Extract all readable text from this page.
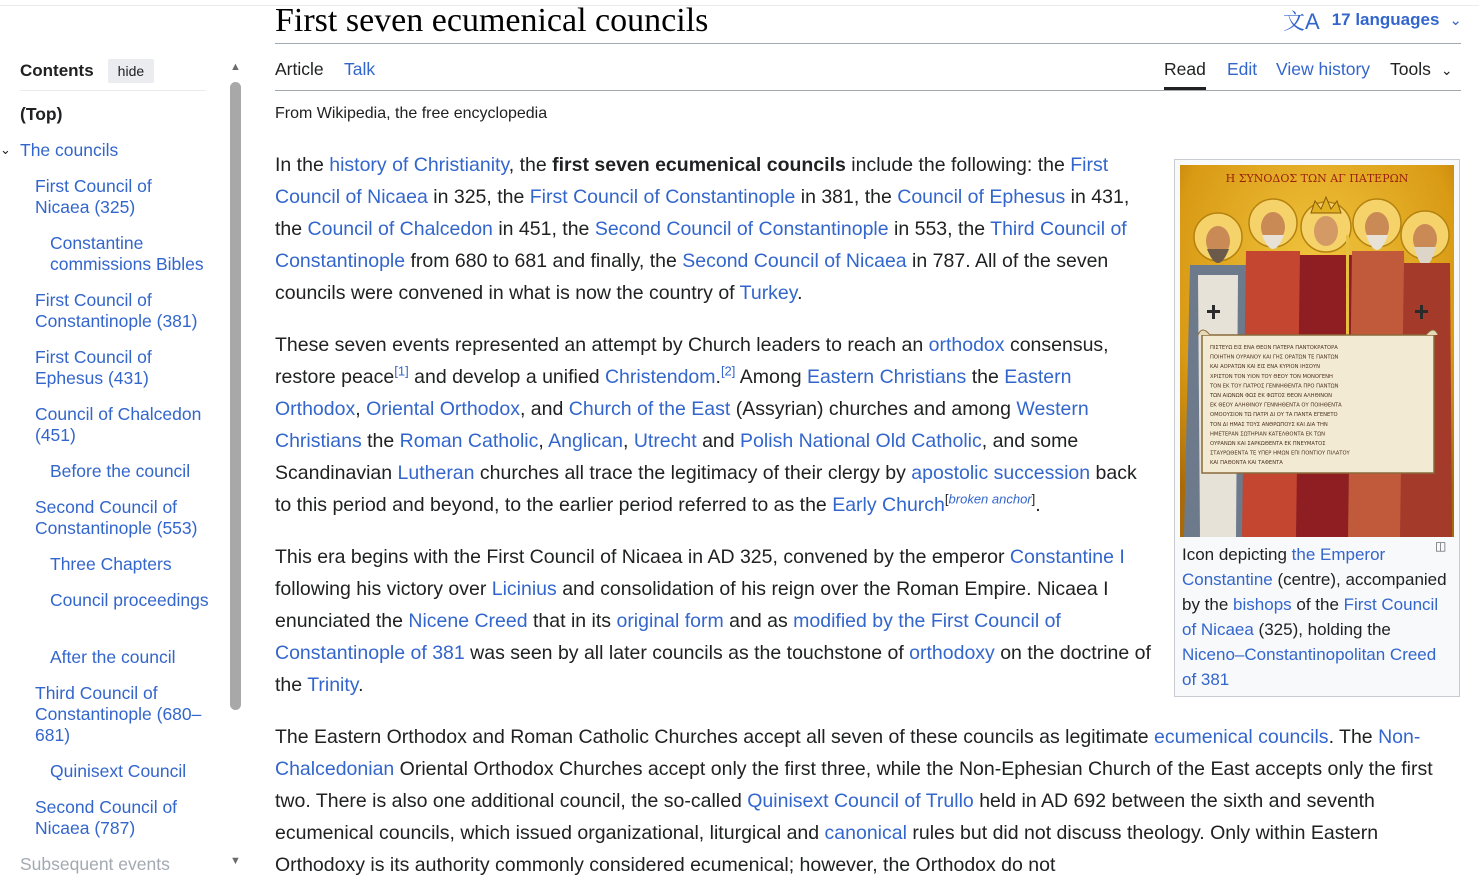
Contents	hide
(Top)
⌄ The councils
First Council of Nicaea (325)
Constantine commissions Bibles
First Council of Constantinople (381)
First Council of Ephesus (431)
Council of Chalcedon (451)
Before the council
Second Council of Constantinople (553)
Three Chapters
Council proceedings
After the council
Third Council of Constantinople (680–681)
Quinisext Council
Second Council of Nicaea (787)
Subsequent events
▲
▼
First seven ecumenical councils	文A 17 languages ⌄
Article Talk	Read Edit View history Tools ⌄
From Wikipedia, the free encyclopedia

In the history of Christianity, the first seven ecumenical councils include the following: the First Council of Nicaea in 325, the First Council of Constantinople in 381, the Council of Ephesus in 431, the Council of Chalcedon in 451, the Second Council of Constantinople in 553, the Third Council of Constantinople from 680 to 681 and finally, the Second Council of Nicaea in 787. All of the seven councils were convened in what is now the country of Turkey.

These seven events represented an attempt by Church leaders to reach an orthodox consensus, restore peace[1] and develop a unified Christendom.[2] Among Eastern Christians the Eastern Orthodox, Oriental Orthodox, and Church of the East (Assyrian) churches and among Western Christians the Roman Catholic, Anglican, Utrecht and Polish National Old Catholic, and some Scandinavian Lutheran churches all trace the legitimacy of their clergy by apostolic succession back to this period and beyond, to the earlier period referred to as the Early Church[broken anchor].

This era begins with the First Council of Nicaea in AD 325, convened by the emperor Constantine I following his victory over Licinius and consolidation of his reign over the Roman Empire. Nicaea I enunciated the Nicene Creed that in its original form and as modified by the First Council of Constantinople of 381 was seen by all later councils as the touchstone of orthodoxy on the doctrine of the Trinity.

The Eastern Orthodox and Roman Catholic Churches accept all seven of these councils as legitimate ecumenical councils. The Non-Chalcedonian Oriental Orthodox Churches accept only the first three, while the Non-Ephesian Church of the East accepts only the first two. There is also one additional council, the so-called Quinisext Council of Trullo held in AD 692 between the sixth and seventh ecumenical councils, which issued organizational, liturgical and canonical rules but did not discuss theology. Only within Eastern Orthodoxy is its authority commonly considered ecumenical; however, the Orthodox do not

Η ΣΥΝΟΔΟΣ ΤΩΝ ΑΓ ΠΑΤΕΡΩΝ
ΠΙΣΤΕΥΩ ΕΙΣ ΕΝΑ ΘΕΟΝ ΠΑΤΕΡΑ ΠΑΝΤΟΚΡΑΤΟΡΑ
ΠΟΙΗΤΗΝ ΟΥΡΑΝΟΥ ΚΑΙ ΓΗΣ ΟΡΑΤΩΝ ΤΕ ΠΑΝΤΩΝ
ΚΑΙ ΑΟΡΑΤΩΝ ΚΑΙ ΕΙΣ ΕΝΑ ΚΥΡΙΟΝ ΙΗΣΟΥΝ
ΧΡΙΣΤΟΝ ΤΟΝ ΥΙΟΝ ΤΟΥ ΘΕΟΥ ΤΟΝ ΜΟΝΟΓΕΝΗ
ΤΟΝ ΕΚ ΤΟΥ ΠΑΤΡΟΣ ΓΕΝΝΗΘΕΝΤΑ ΠΡΟ ΠΑΝΤΩΝ
ΤΩΝ ΑΙΩΝΩΝ ΦΩΣ ΕΚ ΦΩΤΟΣ ΘΕΟΝ ΑΛΗΘΙΝΟΝ
ΕΚ ΘΕΟΥ ΑΛΗΘΙΝΟΥ ΓΕΝΝΗΘΕΝΤΑ ΟΥ ΠΟΙΗΘΕΝΤΑ
ΟΜΟΟΥΣΙΟΝ ΤΩ ΠΑΤΡΙ ΔΙ ΟΥ ΤΑ ΠΑΝΤΑ ΕΓΕΝΕΤΟ
ΤΟΝ ΔΙ ΗΜΑΣ ΤΟΥΣ ΑΝΘΡΩΠΟΥΣ ΚΑΙ ΔΙΑ ΤΗΝ
ΗΜΕΤΕΡΑΝ ΣΩΤΗΡΙΑΝ ΚΑΤΕΛΘΟΝΤΑ ΕΚ ΤΩΝ
ΟΥΡΑΝΩΝ ΚΑΙ ΣΑΡΚΩΘΕΝΤΑ ΕΚ ΠΝΕΥΜΑΤΟΣ
ΣΤΑΥΡΩΘΕΝΤΑ ΤΕ ΥΠΕΡ ΗΜΩΝ ΕΠΙ ΠΟΝΤΙΟΥ ΠΙΛΑΤΟΥ
ΚΑΙ ΠΑΘΟΝΤΑ ΚΑΙ ΤΑΦΕΝΤΑ
◫
Icon depicting the Emperor Constantine (centre), accompanied by the bishops of the First Council of Nicaea (325), holding the Niceno–Constantinopolitan Creed of 381
